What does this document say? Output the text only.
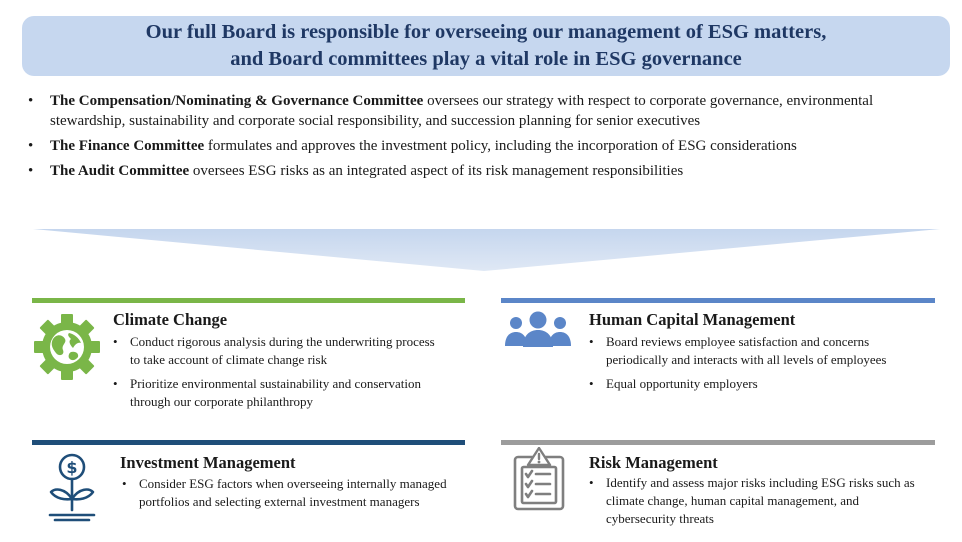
Our full Board is responsible for overseeing our management of ESG matters,
and Board committees play a vital role in ESG governance
• The Compensation/Nominating & Governance Committee oversees our strategy with respect to corporate governance, environmental stewardship, sustainability and corporate social responsibility, and succession planning for senior executives
• The Finance Committee formulates and approves the investment policy, including the incorporation of ESG considerations
• The Audit Committee oversees ESG risks as an integrated aspect of its risk management responsibilities
Climate Change
• Conduct rigorous analysis during the underwriting process to take account of climate change risk
• Prioritize environmental sustainability and conservation through our corporate philanthropy
Human Capital Management
• Board reviews employee satisfaction and concerns periodically and interacts with all levels of employees
• Equal opportunity employers
$	Investment Management
• Consider ESG factors when overseeing internally managed portfolios and selecting external investment managers
Risk Management
• Identify and assess major risks including ESG risks such as climate change, human capital management, and cybersecurity threats
